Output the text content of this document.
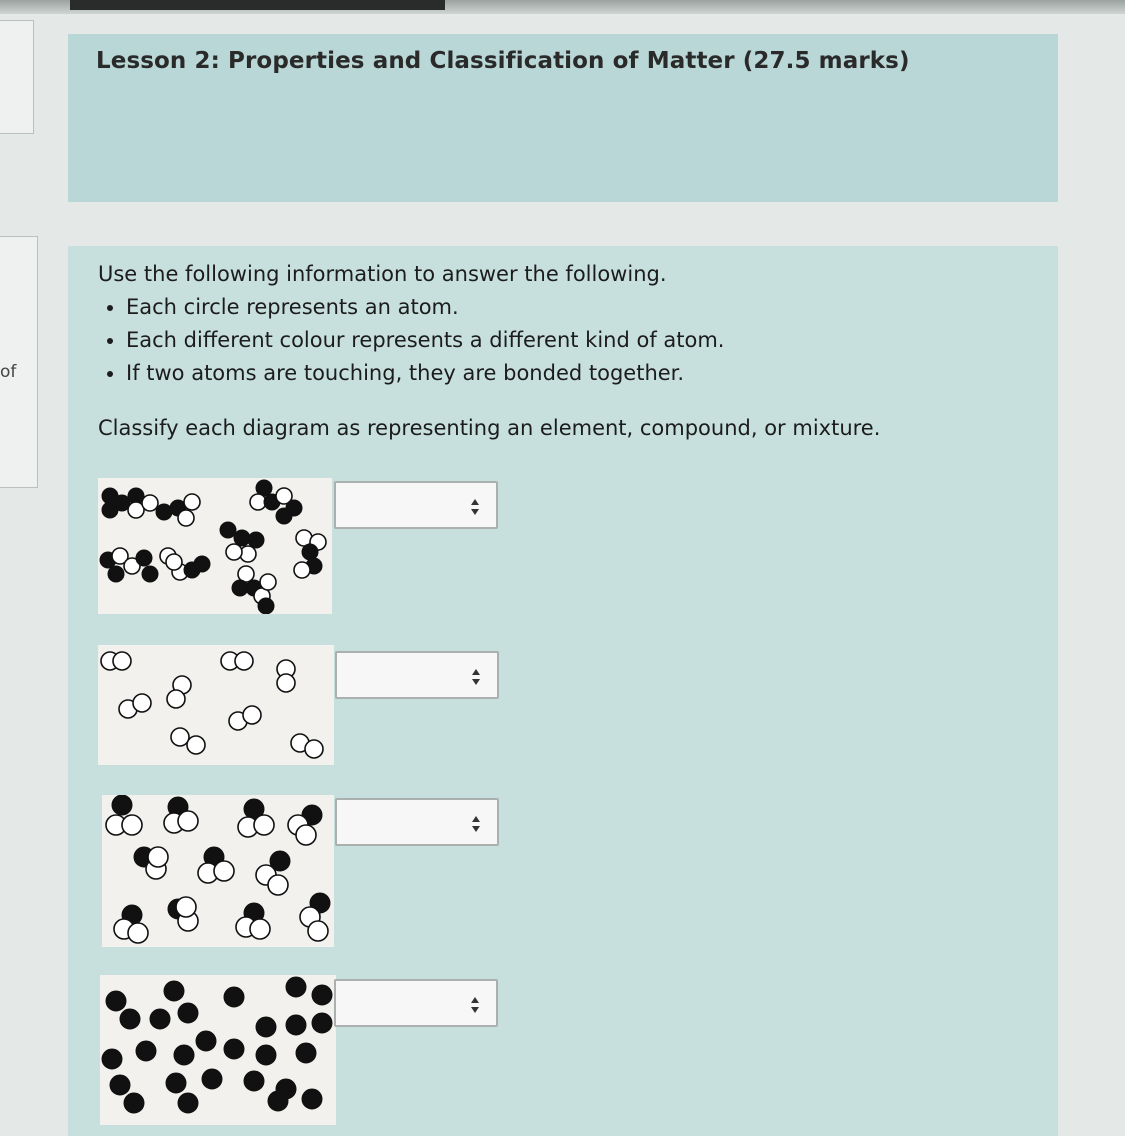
of
Lesson 2: Properties and Classification of Matter (27.5 marks)
Use the following information to answer the following.
• Each circle represents an atom.
• Each different colour represents a different kind of atom.
• If two atoms are touching, they are bonded together.
Classify each diagram as representing an element, compound, or mixture.
